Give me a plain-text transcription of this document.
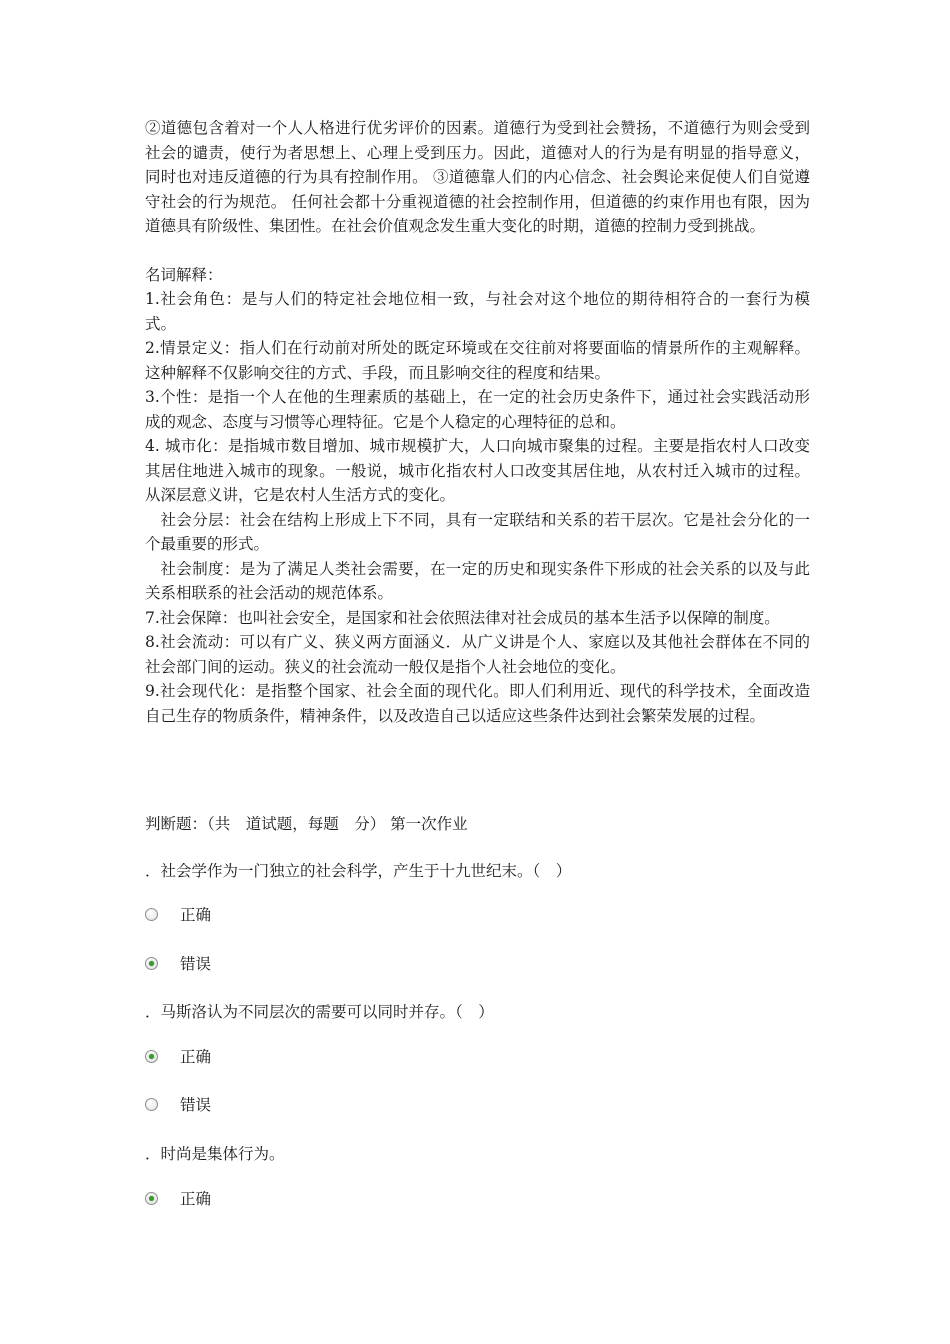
②道德包含着对一个人人格进行优劣评价的因素。道德行为受到社会赞扬，不道德行为则会受到社会的谴责，使行为者思想上、心理上受到压力。因此，道德对人的行为是有明显的指导意义，同时也对违反道德的行为具有控制作用。 ③道德靠人们的内心信念、社会舆论来促使人们自觉遵守社会的行为规范。 任何社会都十分重视道德的社会控制作用，但道德的约束作用也有限，因为道德具有阶级性、集团性。在社会价值观念发生重大变化的时期，道德的控制力受到挑战。

名词解释：

1.社会角色：是与人们的特定社会地位相一致，与社会对这个地位的期待相符合的一套行为模式。

2.情景定义：指人们在行动前对所处的既定环境或在交往前对将要面临的情景所作的主观解释。这种解释不仅影响交往的方式、手段，而且影响交往的程度和结果。

3.个性：是指一个人在他的生理素质的基础上，在一定的社会历史条件下，通过社会实践活动形成的观念、态度与习惯等心理特征。它是个人稳定的心理特征的总和。

4. 城市化：是指城市数目增加、城市规模扩大，人口向城市聚集的过程。主要是指农村人口改变其居住地进入城市的现象。一般说，城市化指农村人口改变其居住地，从农村迁入城市的过程。从深层意义讲，它是农村人生活方式的变化。

社会分层：社会在结构上形成上下不同，具有一定联结和关系的若干层次。它是社会分化的一个最重要的形式。

社会制度：是为了满足人类社会需要，在一定的历史和现实条件下形成的社会关系的以及与此关系相联系的社会活动的规范体系。

7.社会保障：也叫社会安全，是国家和社会依照法律对社会成员的基本生活予以保障的制度。

8.社会流动：可以有广义、狭义两方面涵义．从广义讲是个人、家庭以及其他社会群体在不同的社会部门间的运动。狭义的社会流动一般仅是指个人社会地位的变化。

9.社会现代化：是指整个国家、社会全面的现代化。即人们利用近、现代的科学技术，全面改造自己生存的物质条件，精神条件，以及改造自己以适应这些条件达到社会繁荣发展的过程。

判断题：（共　道试题，每题　分） 第一次作业
．社会学作为一门独立的社会科学，产生于十九世纪末。（　）
正确
错误
．马斯洛认为不同层次的需要可以同时并存。（　）
正确
错误
．时尚是集体行为。
正确
